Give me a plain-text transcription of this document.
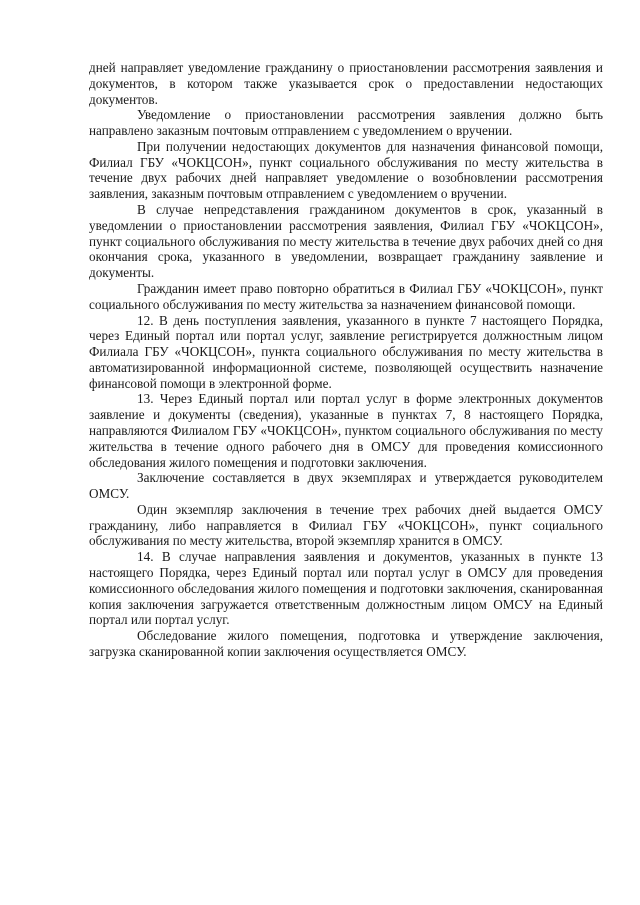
дней направляет уведомление гражданину о приостановлении рассмотрения заявления и документов, в котором также указывается срок о предоставлении недостающих документов.

Уведомление о приостановлении рассмотрения заявления должно быть направлено заказным почтовым отправлением с уведомлением о вручении.

При получении недостающих документов для назначения финансовой помощи, Филиал ГБУ «ЧОКЦСОН», пункт социального обслуживания по месту жительства в течение двух рабочих дней направляет уведомление о возобновлении рассмотрения заявления, заказным почтовым отправлением с уведомлением о вручении.

В случае непредставления гражданином документов в срок, указанный в уведомлении о приостановлении рассмотрения заявления, Филиал ГБУ «ЧОКЦСОН», пункт социального обслуживания по месту жительства в течение двух рабочих дней со дня окончания срока, указанного в уведомлении, возвращает гражданину заявление и документы.

Гражданин имеет право повторно обратиться в Филиал ГБУ «ЧОКЦСОН», пункт социального обслуживания по месту жительства за назначением финансовой помощи.

12. В день поступления заявления, указанного в пункте 7 настоящего Порядка, через Единый портал или портал услуг, заявление регистрируется должностным лицом Филиала ГБУ «ЧОКЦСОН», пункта социального обслуживания по месту жительства в автоматизированной информационной системе, позволяющей осуществить назначение финансовой помощи в электронной форме.

13. Через Единый портал или портал услуг в форме электронных документов заявление и документы (сведения), указанные в пунктах 7, 8 настоящего Порядка, направляются Филиалом ГБУ «ЧОКЦСОН», пунктом социального обслуживания по месту жительства в течение одного рабочего дня в ОМСУ для проведения комиссионного обследования жилого помещения и подготовки заключения.

Заключение составляется в двух экземплярах и утверждается руководителем ОМСУ.

Один экземпляр заключения в течение трех рабочих дней выдается ОМСУ гражданину, либо направляется в Филиал ГБУ «ЧОКЦСОН», пункт социального обслуживания по месту жительства, второй экземпляр хранится в ОМСУ.

14. В случае направления заявления и документов, указанных в пункте 13 настоящего Порядка, через Единый портал или портал услуг в ОМСУ для проведения комиссионного обследования жилого помещения и подготовки заключения, сканированная копия заключения загружается ответственным должностным лицом ОМСУ на Единый портал или портал услуг.

Обследование жилого помещения, подготовка и утверждение заключения, загрузка сканированной копии заключения осуществляется ОМСУ.
